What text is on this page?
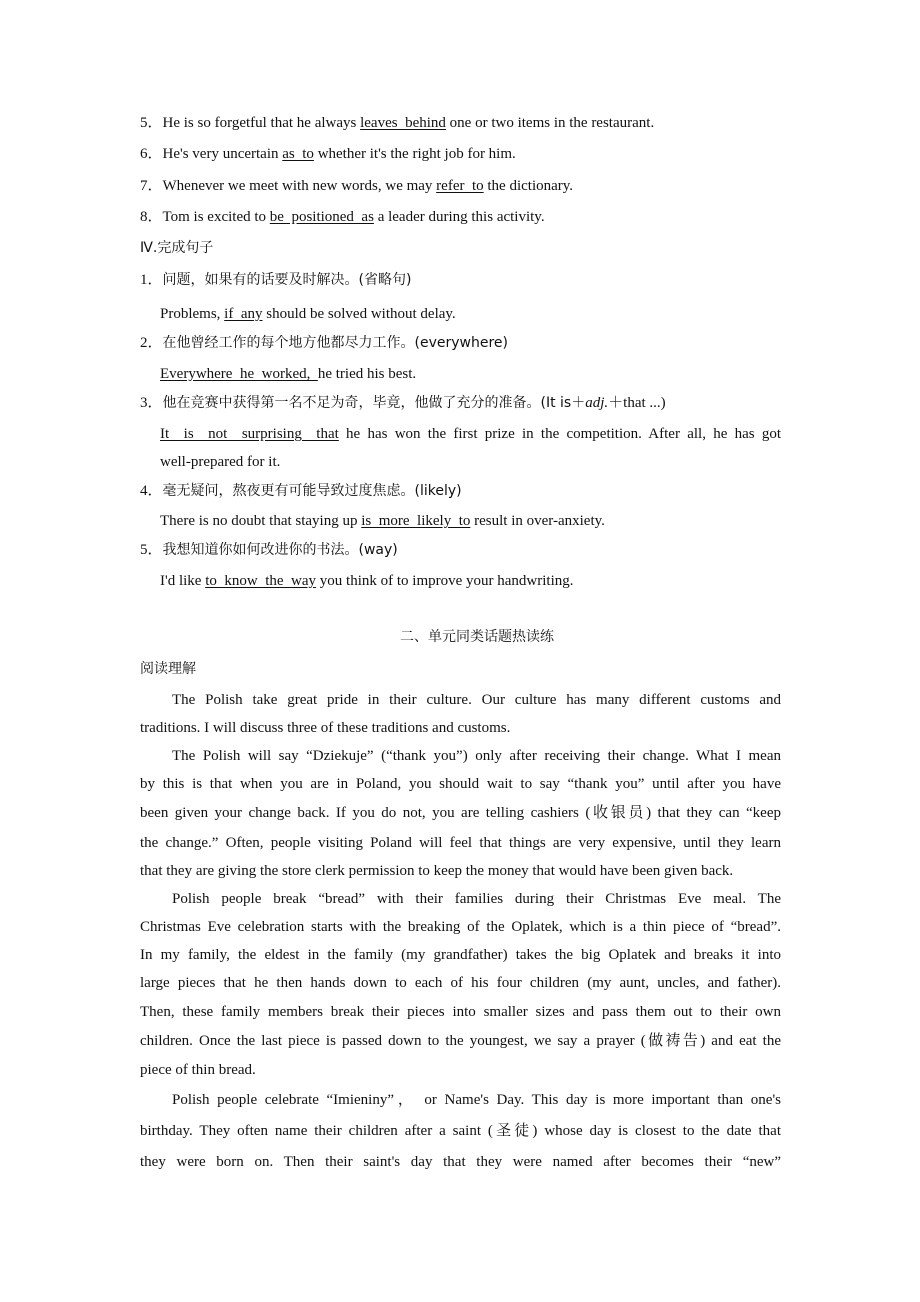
5．He is so forgetful that he always leaves  behind one or two items in the restaurant.
6．He's very uncertain as  to whether it's the right job for him.
7．Whenever we meet with new words, we may refer  to the dictionary.
8．Tom is excited to be  positioned  as a leader during this activity.
Ⅳ.完成句子
1．问题，如果有的话要及时解决。(省略句)
Problems, if  any should be solved without delay.
2．在他曾经工作的每个地方他都尽力工作。(everywhere)
Everywhere  he  worked,  he tried his best.
3．他在竞赛中获得第一名不足为奇，毕竟，他做了充分的准备。(It is＋adj.＋that ...)
It  is  not  surprising  that he has won the first prize in the competition. After all, he has got
well-prepared for it.
4．毫无疑问，熬夜更有可能导致过度焦虑。(likely)
There is no doubt that staying up is  more  likely  to result in over-anxiety.
5．我想知道你如何改进你的书法。(way)
I'd like to  know  the  way you think of to improve your handwriting.
二、单元同类话题热读练
阅读理解
The Polish take great pride in their culture. Our culture has many different customs and
traditions. I will discuss three of these traditions and customs.
The Polish will say “Dziekuje” (“thank you”) only after receiving their change. What I mean
by this is that when you are in Poland, you should wait to say “thank you” until after you have
been given your change back. If you do not, you are telling cashiers (收银员) that they can “keep
the change.” Often, people visiting Poland will feel that things are very expensive, until they learn
that they are giving the store clerk permission to keep the money that would have been given back.
Polish people break “bread” with their families during their Christmas Eve meal. The
Christmas Eve celebration starts with the breaking of the Oplatek, which is a thin piece of “bread”.
In my family, the eldest in the family (my grandfather) takes the big Oplatek and breaks it into
large pieces that he then hands down to each of his four children (my aunt, uncles, and father).
Then, these family members break their pieces into smaller sizes and pass them out to their own
children. Once the last piece is passed down to the youngest, we say a prayer (做祷告) and eat the
piece of thin bread.
Polish people celebrate “Imieniny”， or Name's Day. This day is more important than one's
birthday. They often name their children after a saint (圣徒) whose day is closest to the date that
they were born on. Then their saint's day that they were named after becomes their “new”
